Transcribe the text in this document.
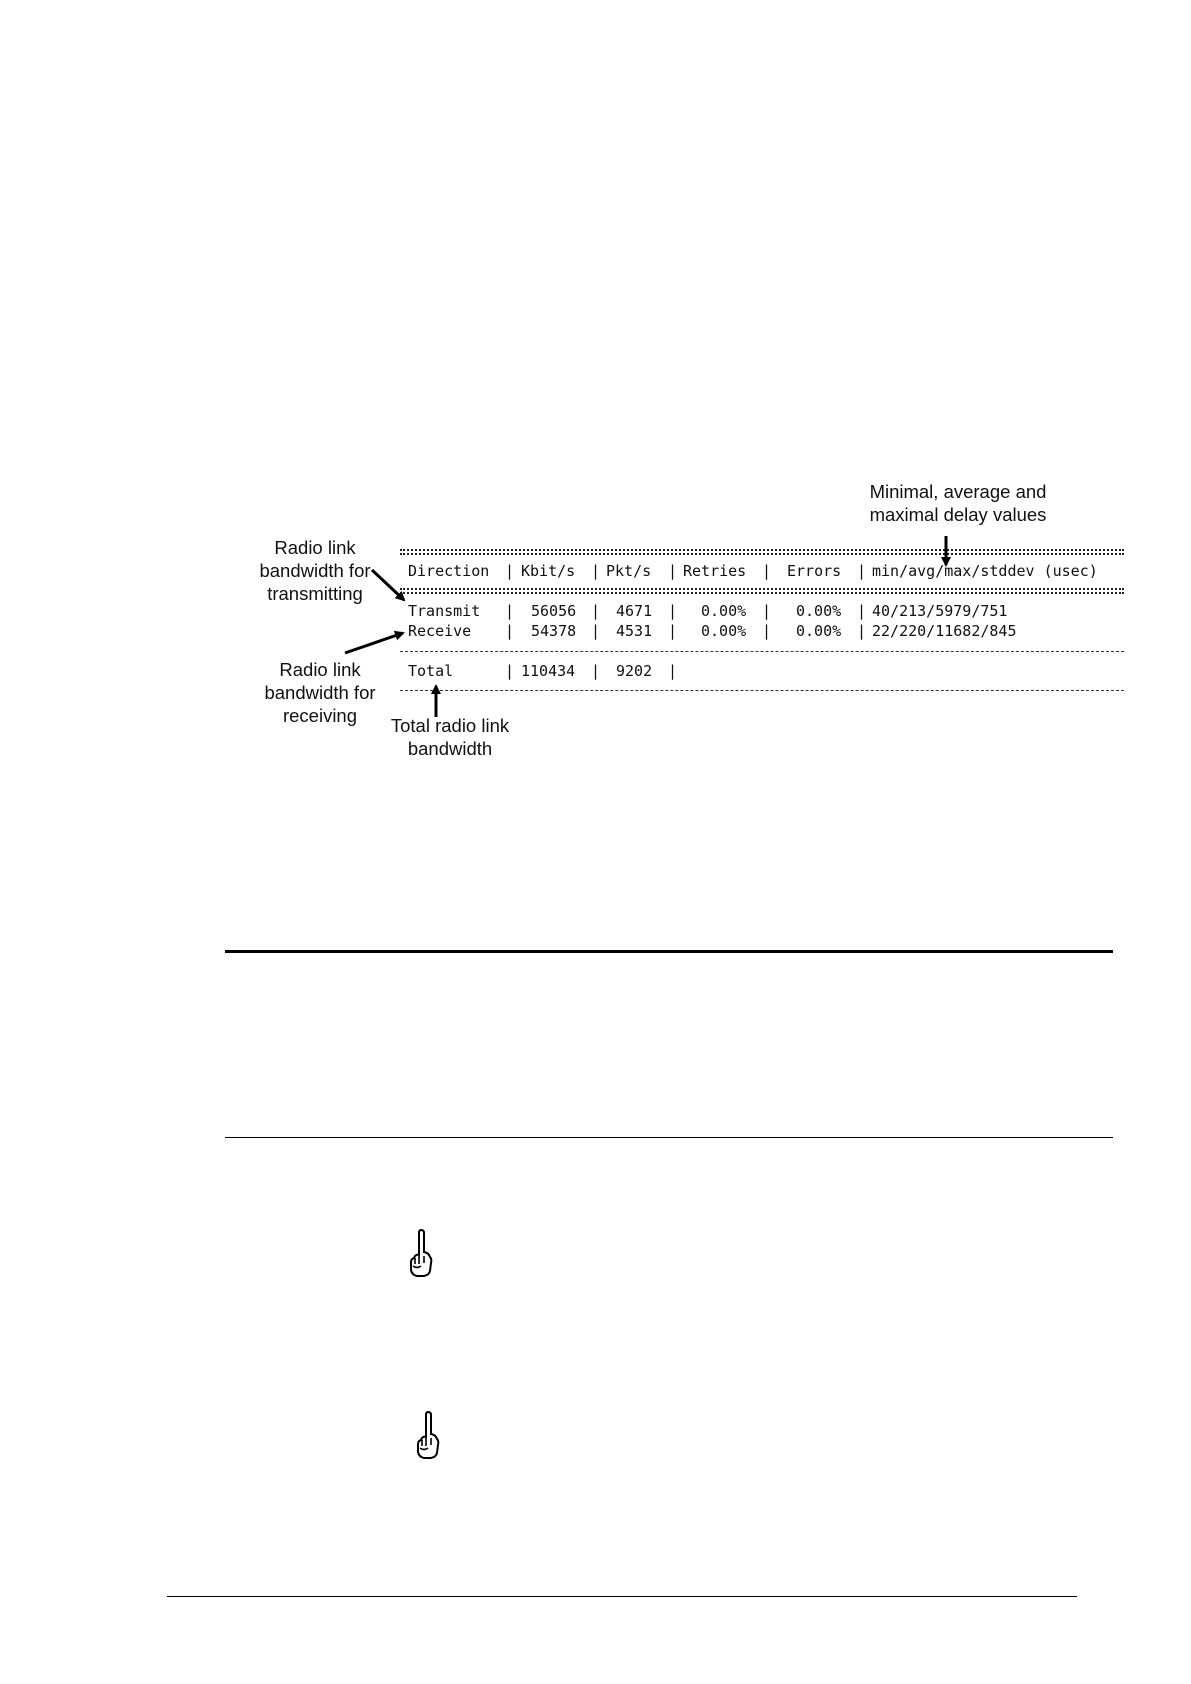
Minimal, average and
maximal delay values
Radio link
bandwidth for
transmitting
Radio link
bandwidth for
receiving	Total radio link
bandwidth
Direction | Kbit/s | Pkt/s | Retries | Errors | min/avg/max/stddev (usec)
Transmit | 56056 | 4671 | 0.00% | 0.00% | 40/213/5979/751
Receive | 54378 | 4531 | 0.00% | 0.00% | 22/220/11682/845
Total	| 110434 | 9202 |
